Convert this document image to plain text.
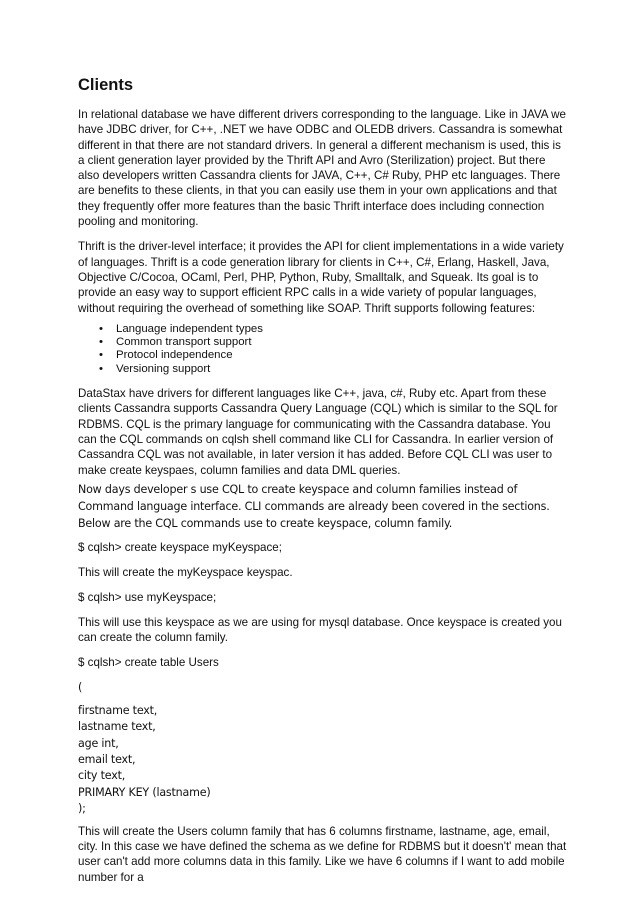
Clients

In relational database we have different drivers corresponding to the language. Like in JAVA we have JDBC driver, for C++, .NET we have ODBC and OLEDB drivers. Cassandra is somewhat different in that there are not standard drivers. In general a different mechanism is used, this is a client generation layer provided by the Thrift API and Avro (Sterilization) project. But there also developers written Cassandra clients for JAVA, C++, C# Ruby, PHP etc languages. There are benefits to these clients, in that you can easily use them in your own applications and that they frequently offer more features than the basic Thrift interface does including connection pooling and monitoring.

Thrift is the driver-level interface; it provides the API for client implementations in a wide variety of languages. Thrift is a code generation library for clients in C++, C#, Erlang, Haskell, Java, Objective C/Cocoa, OCaml, Perl, PHP, Python, Ruby, Smalltalk, and Squeak. Its goal is to provide an easy way to support efficient RPC calls in a wide variety of popular languages, without requiring the overhead of something like SOAP. Thrift supports following features:

• Language independent types
• Common transport support
• Protocol independence
• Versioning support

DataStax have drivers for different languages like C++, java, c#, Ruby etc. Apart from these clients Cassandra supports Cassandra Query Language (CQL) which is similar to the SQL for RDBMS. CQL is the primary language for communicating with the Cassandra database. You can the CQL commands on cqlsh shell command like CLI for Cassandra. In earlier version of Cassandra CQL was not available, in later version it has added. Before CQL CLI was user to make create keyspaes, column families and data DML queries.

Now days developer s use CQL to create keyspace and column families instead of Command language interface. CLI commands are already been covered in the sections. Below are the CQL commands use to create keyspace, column family.

$ cqlsh> create keyspace myKeyspace;

This will create the myKeyspace keyspac.

$ cqlsh> use myKeyspace;

This will use this keyspace as we are using for mysql database. Once keyspace is created you can create the column family.

$ cqlsh> create table Users

(
firstname text,
lastname text,
age int,
email text,
city text,
PRIMARY KEY (lastname)
);

This will create the Users column family that has 6 columns firstname, lastname, age, email, city. In this case we have defined the schema as we define for RDBMS but it doesn't' mean that user can't add more columns data in this family. Like we have 6 columns if I want to add mobile number for a
